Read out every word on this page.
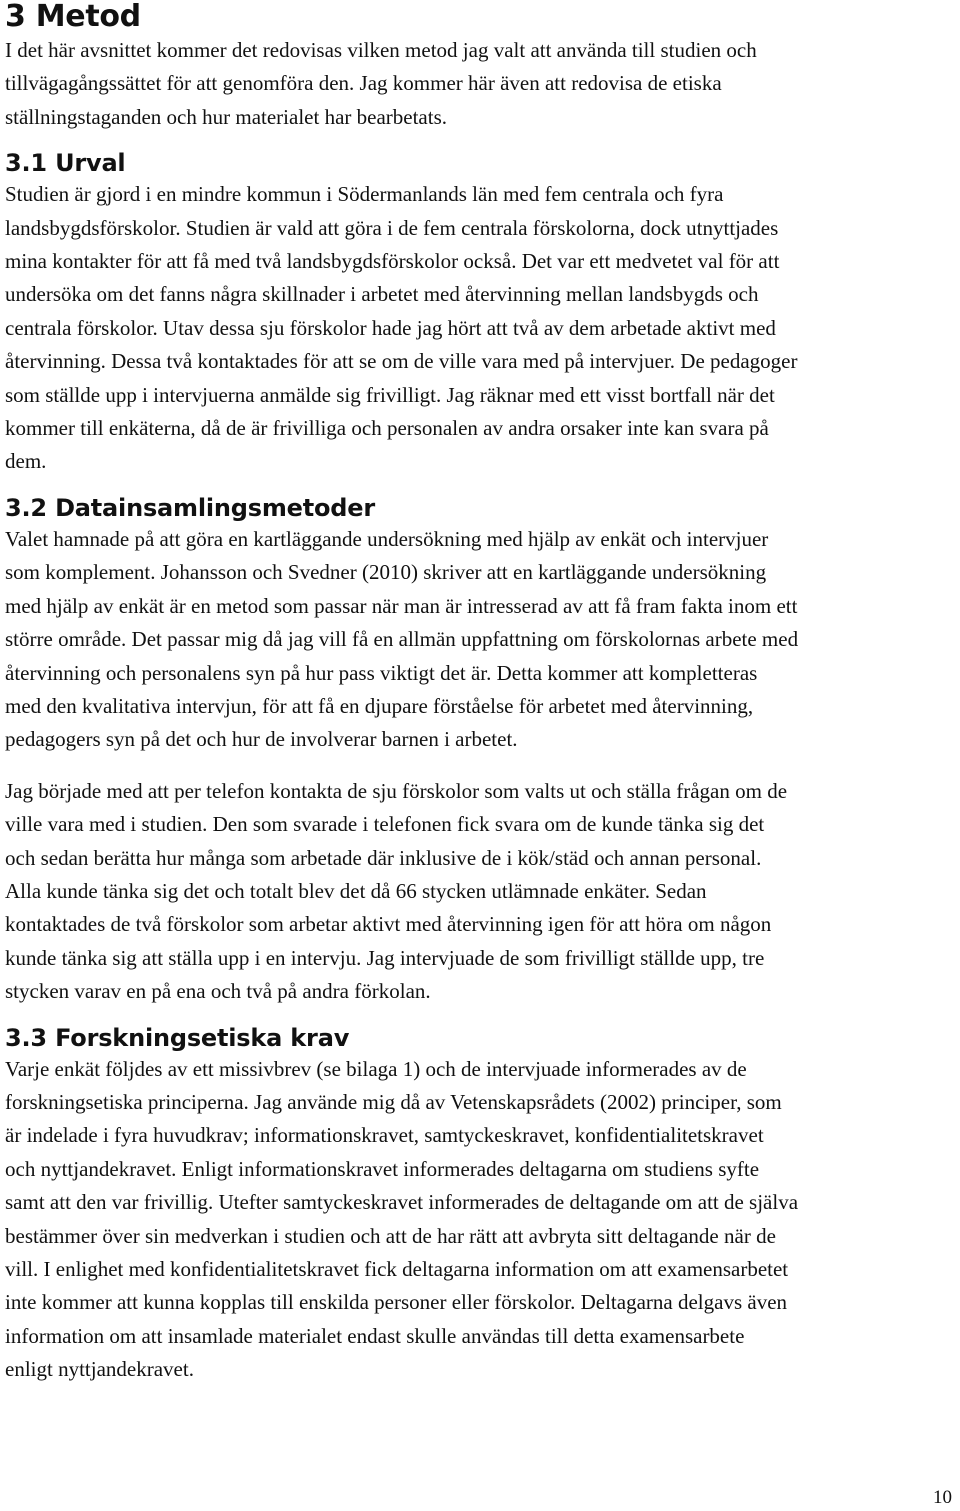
3 Metod

I det här avsnittet kommer det redovisas vilken metod jag valt att använda till studien och
tillvägagångssättet för att genomföra den. Jag kommer här även att redovisa de etiska
ställningstaganden och hur materialet har bearbetats.

3.1 Urval

Studien är gjord i en mindre kommun i Södermanlands län med fem centrala och fyra
landsbygdsförskolor. Studien är vald att göra i de fem centrala förskolorna, dock utnyttjades
mina kontakter för att få med två landsbygdsförskolor också. Det var ett medvetet val för att
undersöka om det fanns några skillnader i arbetet med återvinning mellan landsbygds och
centrala förskolor. Utav dessa sju förskolor hade jag hört att två av dem arbetade aktivt med
återvinning. Dessa två kontaktades för att se om de ville vara med på intervjuer. De pedagoger
som ställde upp i intervjuerna anmälde sig frivilligt. Jag räknar med ett visst bortfall när det
kommer till enkäterna, då de är frivilliga och personalen av andra orsaker inte kan svara på
dem.

3.2 Datainsamlingsmetoder

Valet hamnade på att göra en kartläggande undersökning med hjälp av enkät och intervjuer
som komplement. Johansson och Svedner (2010) skriver att en kartläggande undersökning
med hjälp av enkät är en metod som passar när man är intresserad av att få fram fakta inom ett
större område. Det passar mig då jag vill få en allmän uppfattning om förskolornas arbete med
återvinning och personalens syn på hur pass viktigt det är. Detta kommer att kompletteras
med den kvalitativa intervjun, för att få en djupare förståelse för arbetet med återvinning,
pedagogers syn på det och hur de involverar barnen i arbetet.

Jag började med att per telefon kontakta de sju förskolor som valts ut och ställa frågan om de
ville vara med i studien. Den som svarade i telefonen fick svara om de kunde tänka sig det
och sedan berätta hur många som arbetade där inklusive de i kök/städ och annan personal.
Alla kunde tänka sig det och totalt blev det då 66 stycken utlämnade enkäter. Sedan
kontaktades de två förskolor som arbetar aktivt med återvinning igen för att höra om någon
kunde tänka sig att ställa upp i en intervju. Jag intervjuade de som frivilligt ställde upp, tre
stycken varav en på ena och två på andra förkolan.

3.3 Forskningsetiska krav

Varje enkät följdes av ett missivbrev (se bilaga 1) och de intervjuade informerades av de
forskningsetiska principerna. Jag använde mig då av Vetenskapsrådets (2002) principer, som
är indelade i fyra huvudkrav; informationskravet, samtyckeskravet, konfidentialitetskravet
och nyttjandekravet. Enligt informationskravet informerades deltagarna om studiens syfte
samt att den var frivillig. Utefter samtyckeskravet informerades de deltagande om att de själva
bestämmer över sin medverkan i studien och att de har rätt att avbryta sitt deltagande när de
vill. I enlighet med konfidentialitetskravet fick deltagarna information om att examensarbetet
inte kommer att kunna kopplas till enskilda personer eller förskolor. Deltagarna delgavs även
information om att insamlade materialet endast skulle användas till detta examensarbete
enligt nyttjandekravet.

10
